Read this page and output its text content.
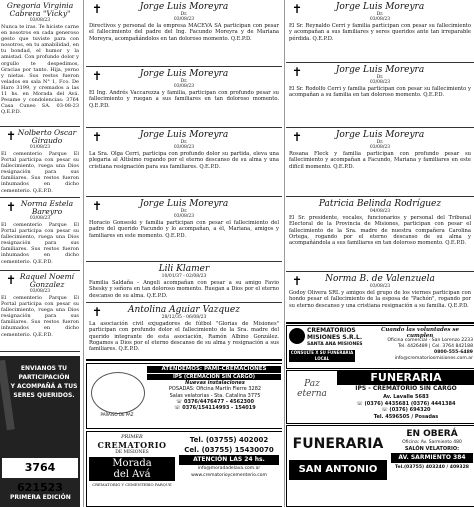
Gregoria Virginia Cabrera "Vicky"
03/08/23
Nunca te iras. Te hiciste carne en nosotros en cada generoso gesto que tuviste para con nosotros, en tu amabilidad, en tu bondad, el humor y la amistad. Con profundo dolor y orgullo te despedimos, Gracias por tanto. Hija, yerno y nietas. Sus restos fueron velados en sala N° 1, Fco. De Haro 3199, y cremados a las 11 hs. en Morada del Avá. Pesame y condolencias: 3764 Casa Cuneo SA. 03-08-23 Q.E.P.D.
✝ Nolberto Oscar Giraudo
01/08/23
El cementerio Parque El Portal participa con pesar su fallecimiento, ruega una Dios resignación para sus familiares. Sus restos fueron inhumados en dicho cementerio. Q.E.P.D.
✝ Norma Estela Bareyro
03/08/23
El cementerio Parque El Portal participa con pesar su fallecimiento, ruega una Dios resignación para sus familiares. Sus restos fueron inhumados en dicho cementerio. Q.E.P.D.
✝ Raquel Noemí Gonzalez
03/08/23
El cementerio Parque El Portal participa con pesar su fallecimiento, ruega una Dios resignación para sus familiares. Sus restos fueron inhumados en dicho cementerio. Q.E.P.D.
ENVIANOS TU
PARTICIPACIÓN
Y ACOMPAÑÁ A TUS
SERES QUERIDOS.
3764 621523
PRIMERA EDICIÓN
✝	Jorge Luis Moreyra
Dr.
03/08/23
Directivos y personal de la empresa MACEVA SA participan con pesar el fallecimiento del padre del Ing. Facundo Moreyra y de Mariana Moreyra, acompañándolos en tan doloroso momento. Q.E.P.D.
✝	Jorge Luis Moreyra
Dr.
03/08/23
El Ing. Andrés Vaccarezza y familia, participan con profundo pesar su fallecimiento y ruegan a sus familiares en tan doloroso momento. Q.E.P.D.
✝	Jorge Luis Moreyra
Dr.
03/08/23
La Sra. Olga Cerri, participa con profundo dolor su partida, eleva una plegaria al Altísimo rogando por el eterno descanso de su alma y una cristiana resignación para sus familiares. Q.E.P.D.
✝	Jorge Luis Moreyra
Dr.
03/08/23
Horacio Gonseski y familia participan con pesar el fallecimiento del padre del querido Facundo y lo acompañan, a él, Mariana, amigos y familiares en este momento. Q.E.P.D.
Lili Klamer
10/01/37 - 02/08/23
Familia Saldaña – Angeli acompañan con pesar a su amigo Favio Shesky y señora en tan doloroso momento. Ruegan a Dios por el eterno descanso de su alma. Q.E.P.D.
✝	Antolina Aguiar Vazquez
28/12/35 - 06/08/23
La asociación civil exjugadores de fútbol "Glorias de Misiones" participan con profundo dolor el fallecimiento de la Sra. madre del querido integrante de esta asociación, Ramón Albino González. Rogamos a Dios por el eterno descanso de su alma y resignación a sus familiares. Q.E.P.D.
ATENDEMOS: PAMI-CREMACIONES
IPS (CREMACION SIN CARGO)
PARAISO DE PAZ
Nuevas instalaciones
POSADAS: Oficina Martín Fierre 3282
Salas velatorias - Sta. Catalina 3775
☏ 0376/4476477 - 4562300
☏ 0376/154114993 - 154019
PRIMER
CREMATORIO
DE MISIONES
Morada
del Avá
CREMATORIO Y CEMENTERIO PARQUE
Tel. (03755) 402002
Cel. (03755) 15430070
ATENCIÓN LAS 24 hs.
info@moradadelava.com.ar
www.crematorioycementerio.com
✝	Jorge Luis Moreyra
Dr.
03/08/23
El Sr. Reynaldo Cerri y familia participan con pesar su fallecimiento y acompañan a sus familiares y seres queridos ante tan irreparable pérdida. Q.E.P.D.
✝	Jorge Luis Moreyra
Dr.
03/08/23
El Sr. Rodolfo Cerri y familia participan con pesar su fallecimiento y acompañan a su familia en tan doloroso momento. Q.E.P.D.
✝	Jorge Luis Moreyra
Dr.
03/08/23
Rosana Fleck y familia participan con profundo pesar su fallecimiento y acompañan a Facundo, Mariana y familiares en este difícil momento. Q.E.P.D.
Patricia Belinda Rodríguez
04/08/23
El Sr. presidente, vocales, funcionarios y personal del Tribunal Electoral de la Provincia de Misiones, participan con pesar el fallecimiento de la Sra. madre de nuestra compañera Carolina Ortega, rogando por el eterno descanso de su alma y acompañándola a sus familiares en tan doloroso momento. Q.E.P.D.
✝	Norma B. de Valenzuela
03/08/23
Godoy Olivera SRL y amigos del grupo de los viernes participan con hondo pesar el fallecimiento de la esposa de "Pachón", rogando por su eterno descanso y una cristiana resignación a su familia. Q.E.P.D.
CREMATORIOS
MISIONES S.R.L.
SANTA ANA MISIONES
CONSULTE X SU FUNERARIA LOCAL
Cuando las voluntades se cumplen
Oficina comercial - San Lorenzo 2233
Tel. 4426489 | Cel. 3764 842188
0800-555-6489
info@crematoriosmisiones.com.ar
FUNERARIA
IPS - CREMATORIO SIN CARGO
Paz eterna	Av. Lavalle 5683
☏ (0376) 4435681 (0376) 4441384
☏ (0376) 694320
Tel. 4596505 / Posadas
FUNERARIA
SAN ANTONIO
EN OBERÁ
Oficina: Av. Sarmiento 480
SALÓN VELATORIO:
AV. SARMIENTO 384
Tel.(03755) 403240 / 409328
